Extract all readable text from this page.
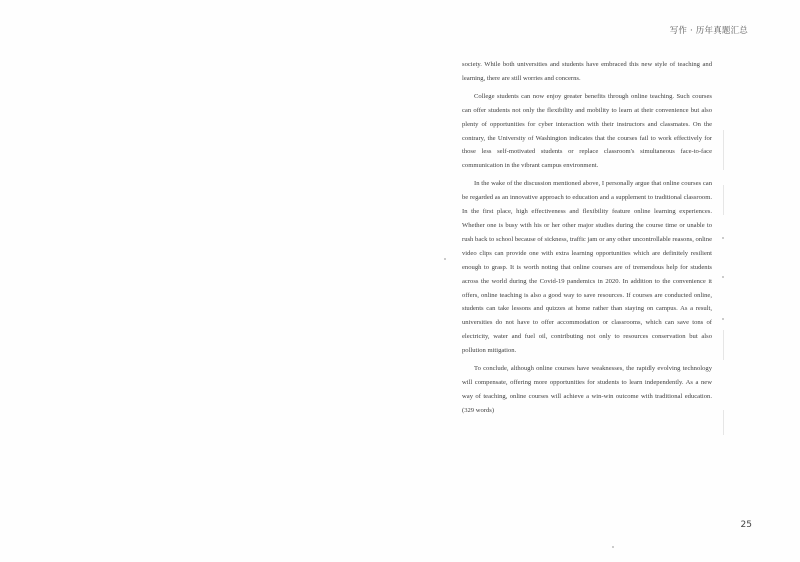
写作 · 历年真题汇总

society. While both universities and students have embraced this new style of teaching and learning, there are still worries and concerns.

College students can now enjoy greater benefits through online teaching. Such courses can offer students not only the flexibility and mobility to learn at their convenience but also plenty of opportunities for cyber interaction with their instructors and classmates. On the contrary, the University of Washington indicates that the courses fail to work effectively for those less self-motivated students or replace classroom's simultaneous face-to-face communication in the vibrant campus environment.

In the wake of the discussion mentioned above, I personally argue that online courses can be regarded as an innovative approach to education and a supplement to traditional classroom. In the first place, high effectiveness and flexibility feature online learning experiences. Whether one is busy with his or her other major studies during the course time or unable to rush back to school because of sickness, traffic jam or any other uncontrollable reasons, online video clips can provide one with extra learning opportunities which are definitely resilient enough to grasp. It is worth noting that online courses are of tremendous help for students across the world during the Covid-19 pandemics in 2020. In addition to the convenience it offers, online teaching is also a good way to save resources. If courses are conducted online, students can take lessons and quizzes at home rather than staying on campus. As a result, universities do not have to offer accommodation or classrooms, which can save tons of electricity, water and fuel oil, contributing not only to resources conservation but also pollution mitigation.

To conclude, although online courses have weaknesses, the rapidly evolving technology will compensate, offering more opportunities for students to learn independently. As a new way of teaching, online courses will achieve a win-win outcome with traditional education. (329 words)

25
